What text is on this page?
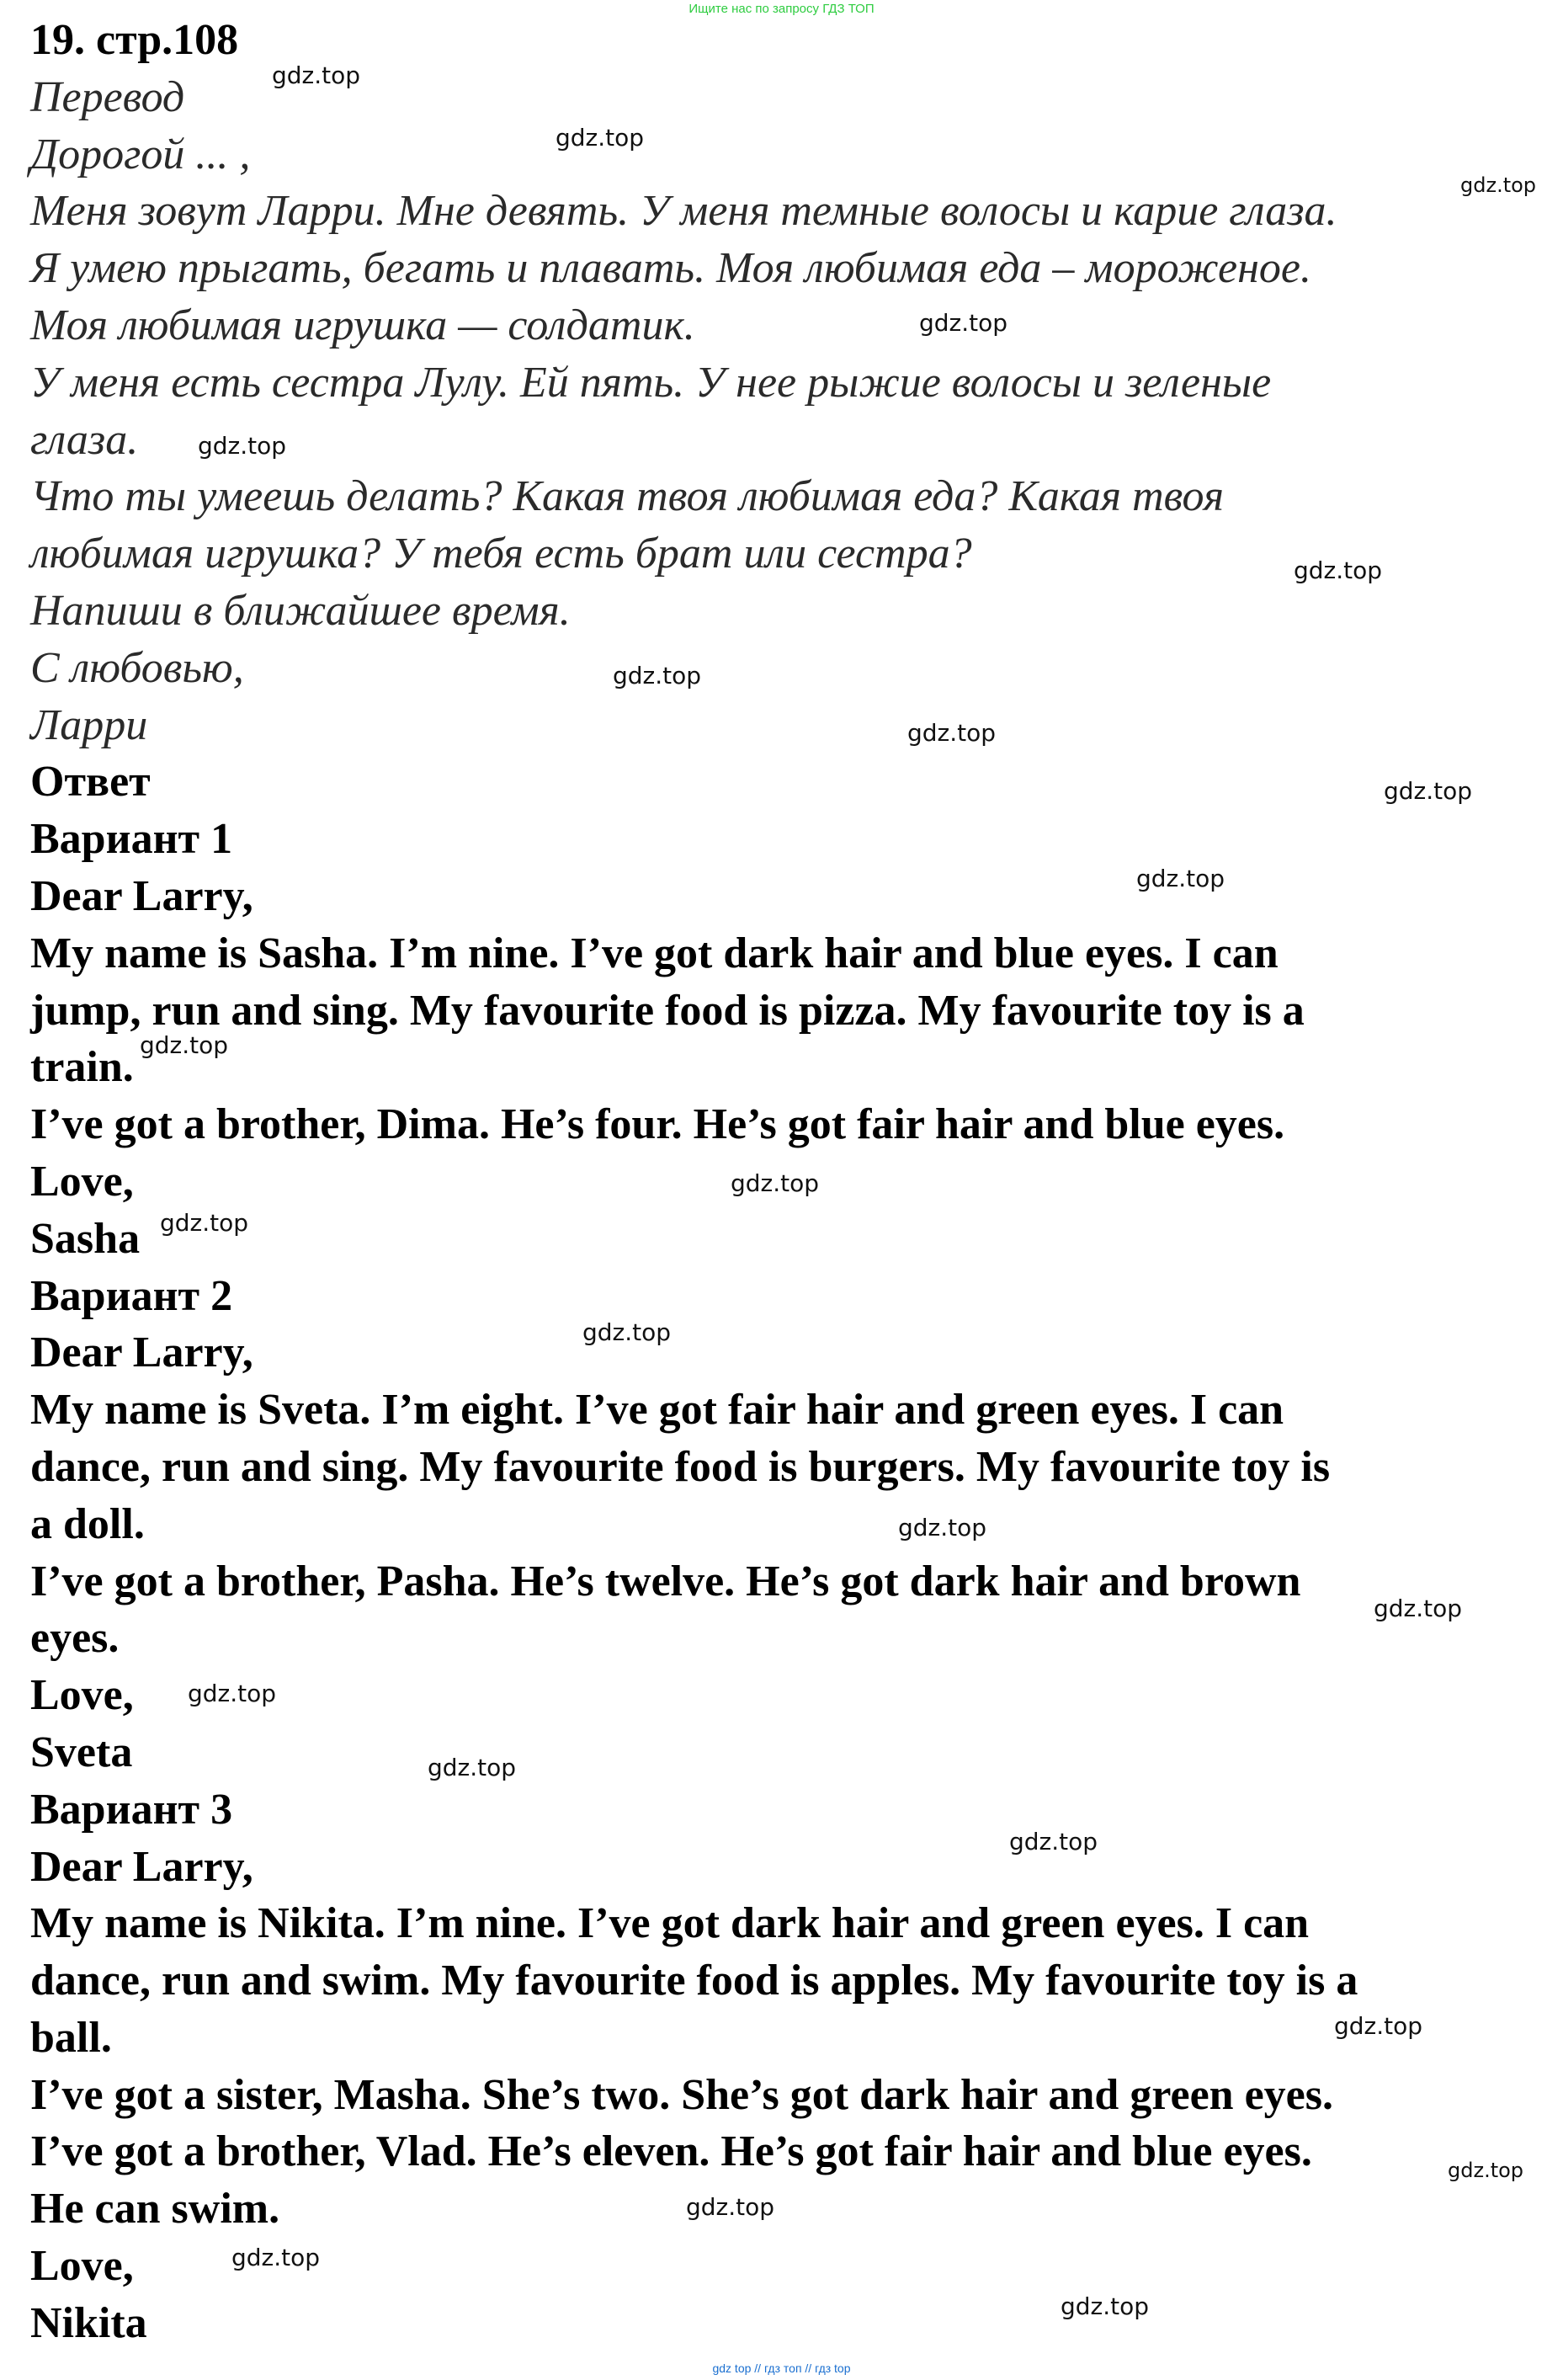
Ищите нас по запросу ГДЗ ТОП
19. стр.108
Перевод
Дорогой ... ,
Меня зовут Ларри. Мне девять. У меня темные волосы и карие глаза.
Я умею прыгать, бегать и плавать. Моя любимая еда – мороженое.
Моя любимая игрушка — солдатик.
У меня есть сестра Лулу. Ей пять. У нее рыжие волосы и зеленые
глаза.
Что ты умеешь делать? Какая твоя любимая еда? Какая твоя
любимая игрушка? У тебя есть брат или сестра?
Напиши в ближайшее время.
С любовью,
Ларри
Ответ
Вариант 1
Dear Larry,
My name is Sasha. I’m nine. I’ve got dark hair and blue eyes. I can
jump, run and sing. My favourite food is pizza. My favourite toy is a
train.
I’ve got a brother, Dima. He’s four. He’s got fair hair and blue eyes.
Love,
Sasha
Вариант 2
Dear Larry,
My name is Sveta. I’m eight. I’ve got fair hair and green eyes. I can
dance, run and sing. My favourite food is burgers. My favourite toy is
a doll.
I’ve got a brother, Pasha. He’s twelve. He’s got dark hair and brown
eyes.
Love,
Sveta
Вариант 3
Dear Larry,
My name is Nikita. I’m nine. I’ve got dark hair and green eyes. I can
dance, run and swim. My favourite food is apples. My favourite toy is a
ball.
I’ve got a sister, Masha. She’s two. She’s got dark hair and green eyes.
I’ve got a brother, Vlad. He’s eleven. He’s got fair hair and blue eyes.
He can swim.
Love,
Nikita
gdz.top
gdz.top
gdz.top
gdz.top
gdz.top
gdz.top
gdz.top
gdz.top
gdz.top
gdz.top
gdz.top
gdz.top
gdz.top
gdz.top
gdz.top
gdz.top
gdz.top
gdz.top
gdz.top
gdz.top
gdz.top
gdz.top
gdz.top
gdz.top
gdz top // гдз топ // гдз top
